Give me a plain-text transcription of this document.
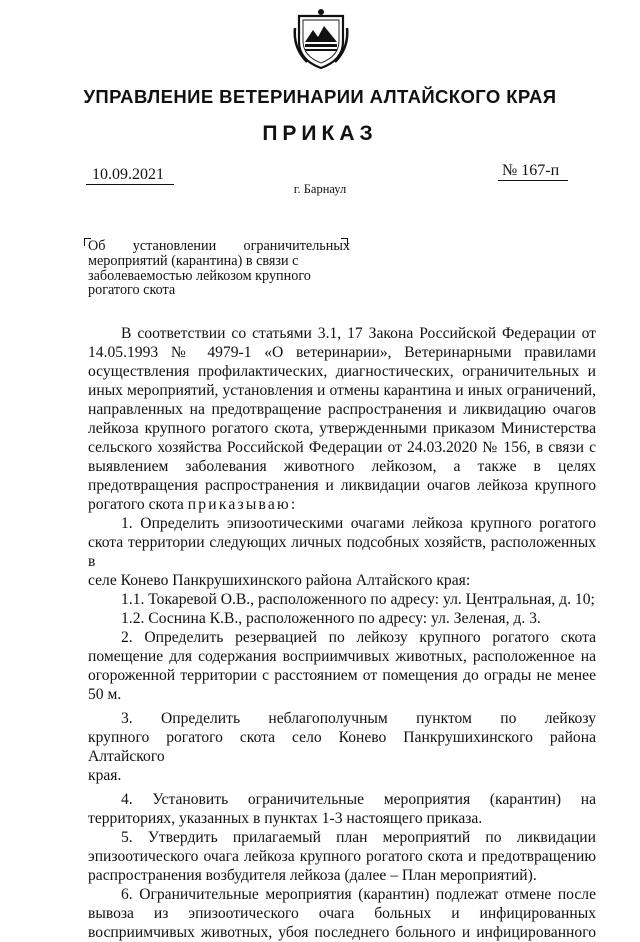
УПРАВЛЕНИЕ ВЕТЕРИНАРИИ АЛТАЙСКОГО КРАЯ
ПРИКАЗ
10.09.2021	№ 167-п
г. Барнаул
Об установлении ограничительных
мероприятий (карантина) в связи с
заболеваемостью лейкозом крупного
рогатого скота
В соответствии со статьями 3.1, 17 Закона Российской Федерации от
14.05.1993 № 4979-1 «О ветеринарии», Ветеринарными правилами
осуществления профилактических, диагностических, ограничительных и
иных мероприятий, установления и отмены карантина и иных ограничений,
направленных на предотвращение распространения и ликвидацию очагов
лейкоза крупного рогатого скота, утвержденными приказом Министерства
сельского хозяйства Российской Федерации от 24.03.2020 № 156, в связи с
выявлением заболевания животного лейкозом, а также в целях
предотвращения распространения и ликвидации очагов лейкоза крупного
рогатого скота приказываю:
1. Определить эпизоотическими очагами лейкоза крупного рогатого
скота территории следующих личных подсобных хозяйств, расположенных в
селе Конево Панкрушихинского района Алтайского края:
1.1. Токаревой О.В., расположенного по адресу: ул. Центральная, д. 10;
1.2. Соснина К.В., расположенного по адресу: ул. Зеленая, д. 3.
2. Определить резервацией по лейкозу крупного рогатого скота
помещение для содержания восприимчивых животных, расположенное на
огороженной территории с расстоянием от помещения до ограды не менее
50 м.
3. Определить неблагополучным пунктом по лейкозу
крупного рогатого скота село Конево Панкрушихинского района Алтайского
края.
4. Установить ограничительные мероприятия (карантин) на
территориях, указанных в пунктах 1-3 настоящего приказа.
5. Утвердить прилагаемый план мероприятий по ликвидации
эпизоотического очага лейкоза крупного рогатого скота и предотвращению
распространения возбудителя лейкоза (далее – План мероприятий).
6. Ограничительные мероприятия (карантин) подлежат отмене после
вывоза из эпизоотического очага больных и инфицированных
восприимчивых животных, убоя последнего больного и инфицированного
